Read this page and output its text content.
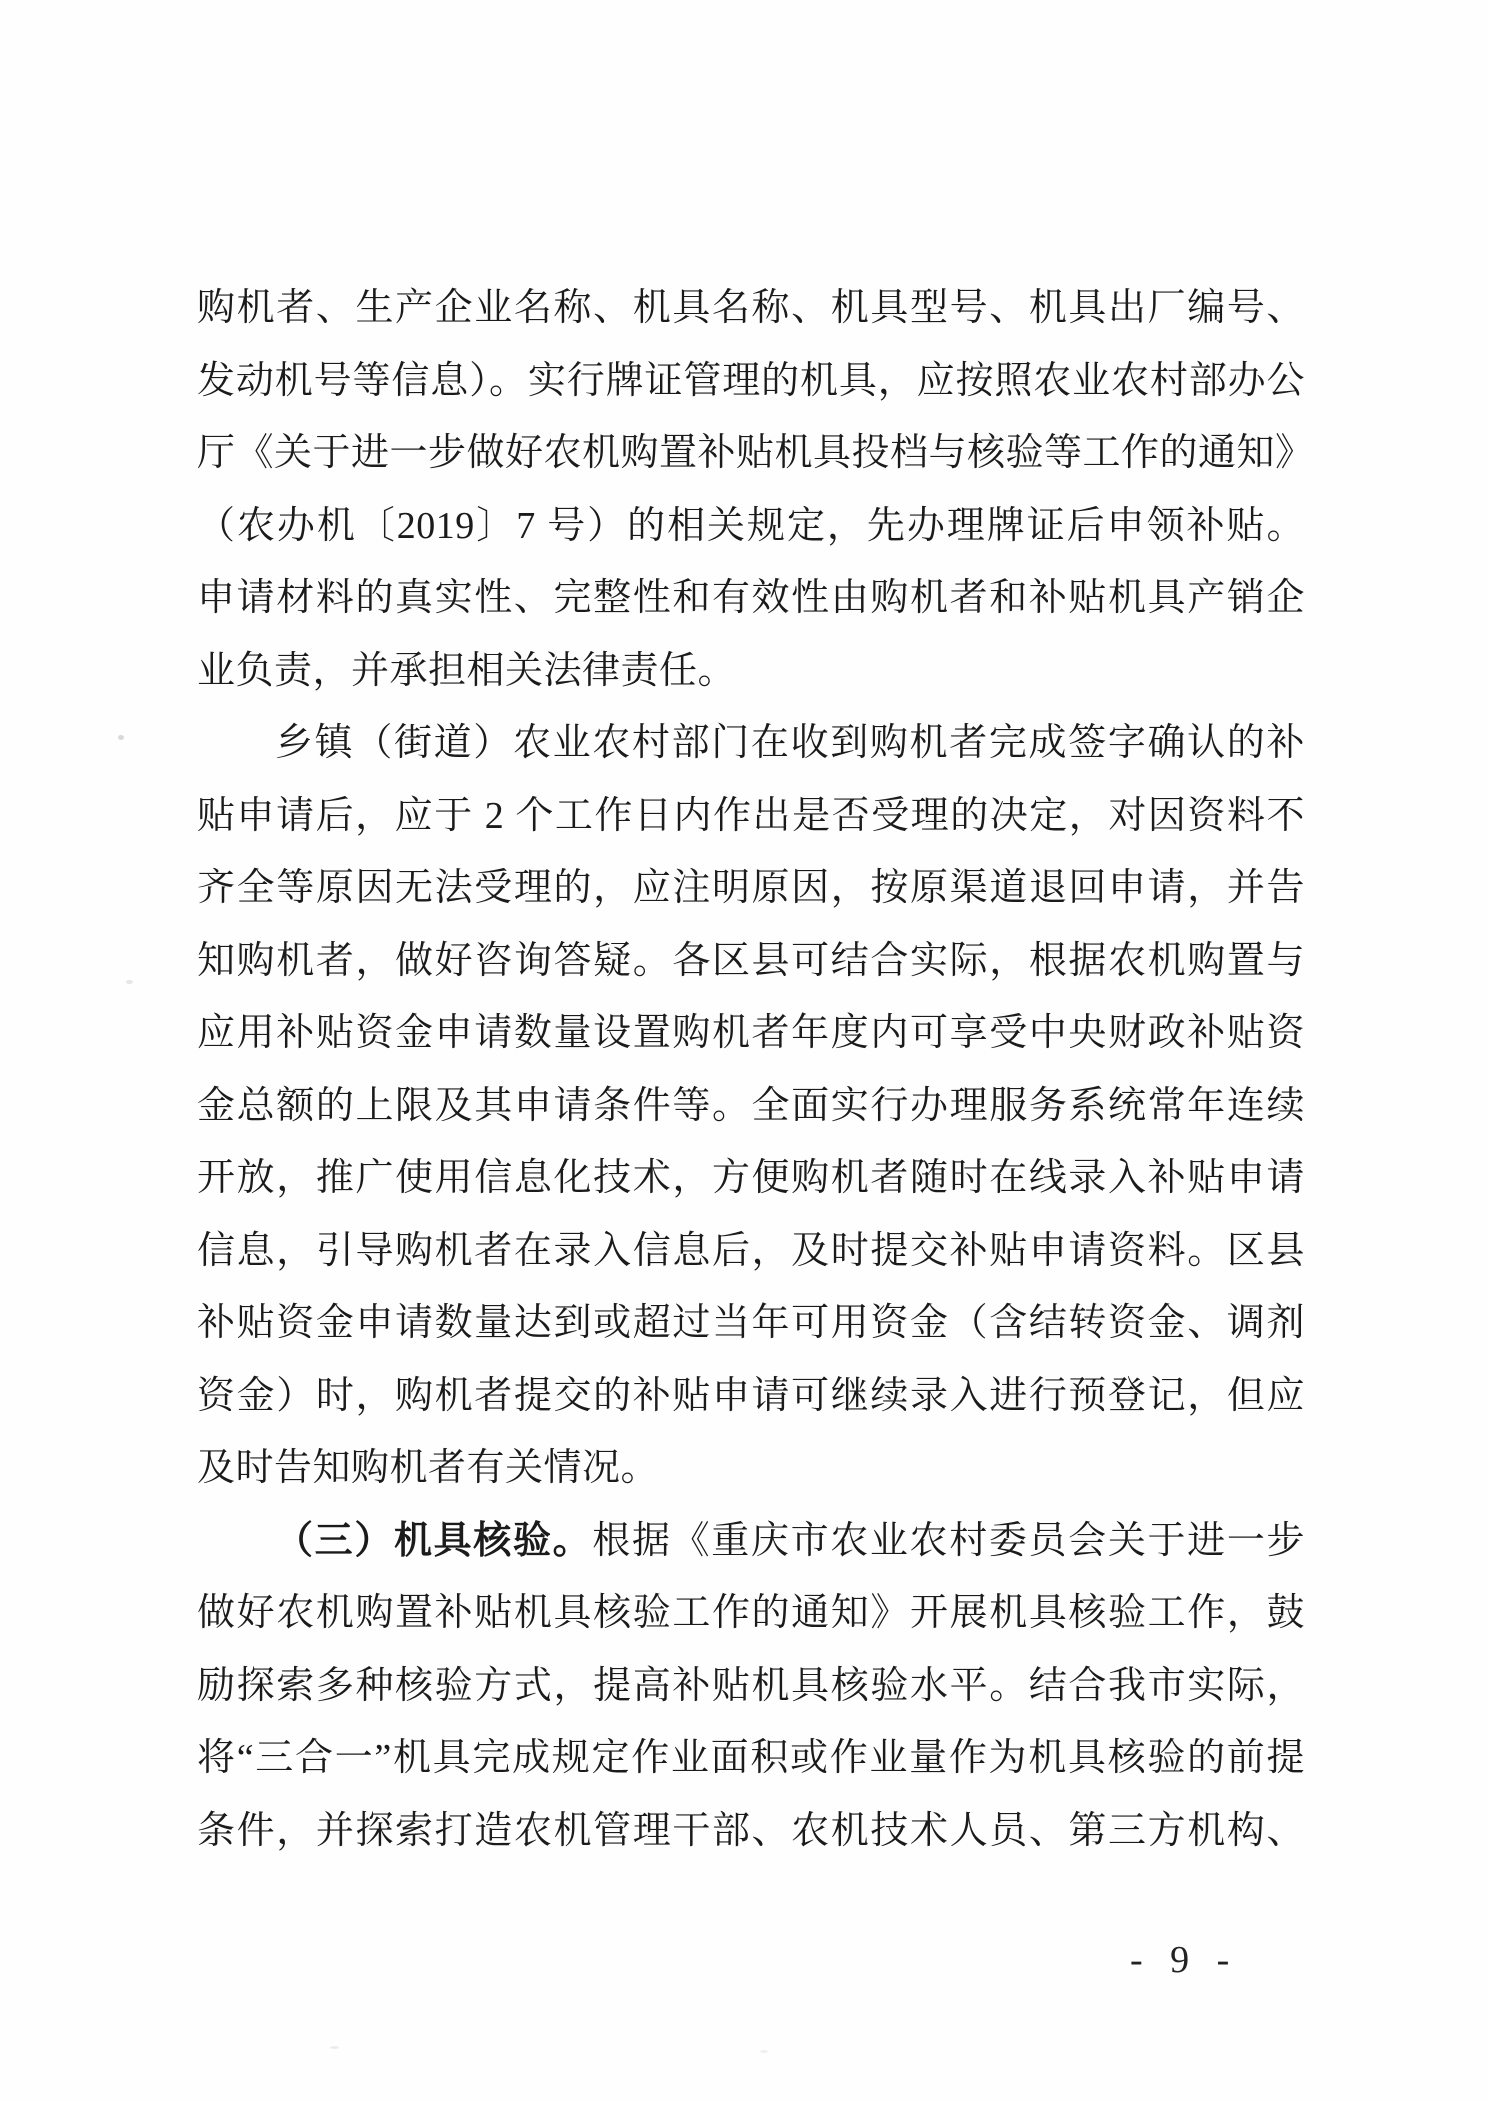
购机者、生产企业名称、机具名称、机具型号、机具出厂编号、
发动机号等信息）。实行牌证管理的机具，应按照农业农村部办公
厅《关于进一步做好农机购置补贴机具投档与核验等工作的通知》
（农办机〔2019〕7 号）的相关规定，先办理牌证后申领补贴。
申请材料的真实性、完整性和有效性由购机者和补贴机具产销企
业负责，并承担相关法律责任。
乡镇（街道）农业农村部门在收到购机者完成签字确认的补
贴申请后，应于 2 个工作日内作出是否受理的决定，对因资料不
齐全等原因无法受理的，应注明原因，按原渠道退回申请，并告
知购机者，做好咨询答疑。各区县可结合实际，根据农机购置与
应用补贴资金申请数量设置购机者年度内可享受中央财政补贴资
金总额的上限及其申请条件等。全面实行办理服务系统常年连续
开放，推广使用信息化技术，方便购机者随时在线录入补贴申请
信息，引导购机者在录入信息后，及时提交补贴申请资料。区县
补贴资金申请数量达到或超过当年可用资金（含结转资金、调剂
资金）时，购机者提交的补贴申请可继续录入进行预登记，但应
及时告知购机者有关情况。
（三）机具核验。根据《重庆市农业农村委员会关于进一步
做好农机购置补贴机具核验工作的通知》开展机具核验工作，鼓
励探索多种核验方式，提高补贴机具核验水平。结合我市实际，
将“三合一”机具完成规定作业面积或作业量作为机具核验的前提
条件，并探索打造农机管理干部、农机技术人员、第三方机构、
- 9 -
